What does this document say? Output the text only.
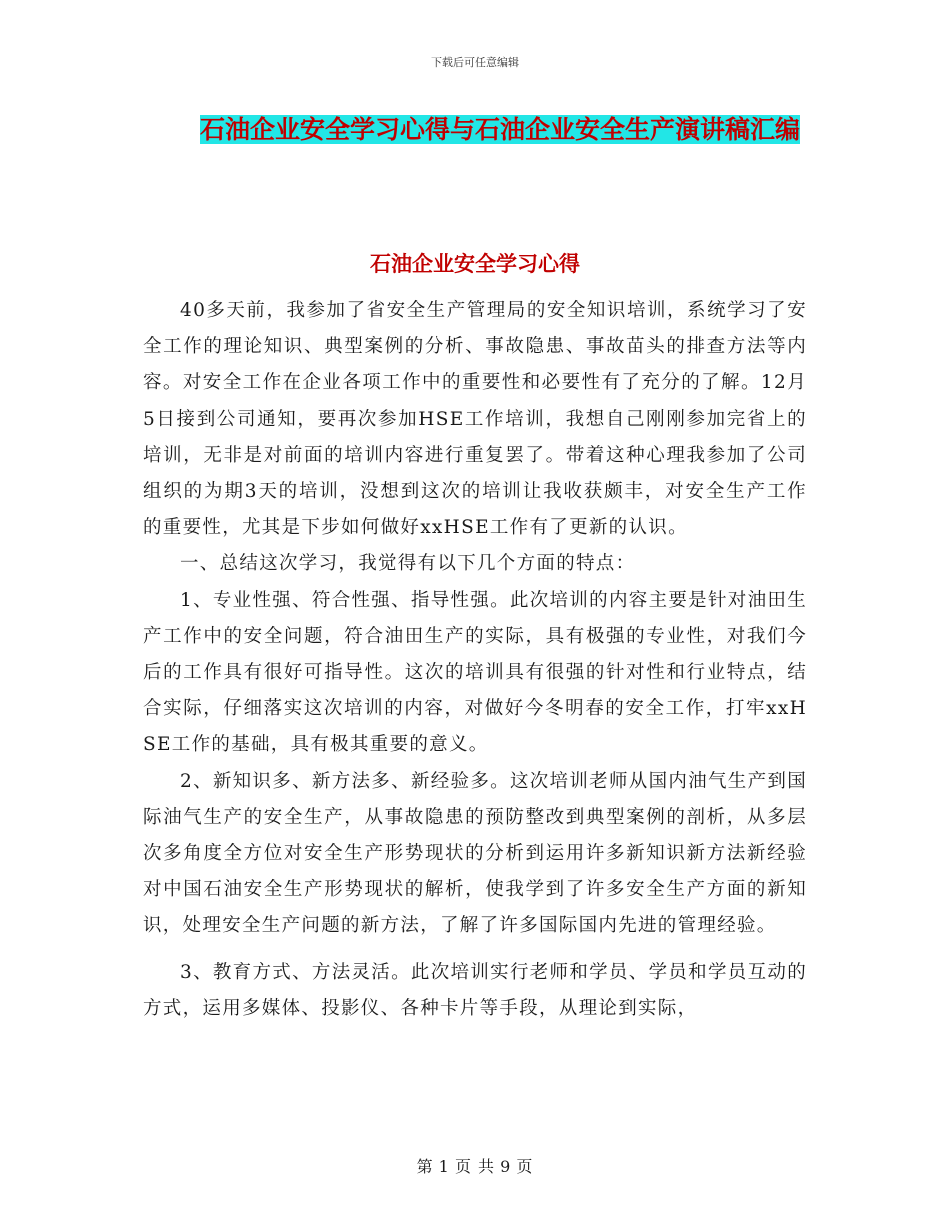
下载后可任意编辑
石油企业安全学习心得与石油企业安全生产演讲稿汇编
石油企业安全学习心得

40多天前，我参加了省安全生产管理局的安全知识培训，系统学习了安全工作的理论知识、典型案例的分析、事故隐患、事故苗头的排查方法等内容。对安全工作在企业各项工作中的重要性和必要性有了充分的了解。12月5日接到公司通知，要再次参加HSE工作培训，我想自己刚刚参加完省上的培训，无非是对前面的培训内容进行重复罢了。带着这种心理我参加了公司组织的为期3天的培训，没想到这次的培训让我收获颇丰，对安全生产工作的重要性，尤其是下步如何做好xxHSE工作有了更新的认识。

一、总结这次学习，我觉得有以下几个方面的特点：

1、专业性强、符合性强、指导性强。此次培训的内容主要是针对油田生产工作中的安全问题，符合油田生产的实际，具有极强的专业性，对我们今后的工作具有很好可指导性。这次的培训具有很强的针对性和行业特点，结合实际，仔细落实这次培训的内容，对做好今冬明春的安全工作，打牢xxHSE工作的基础，具有极其重要的意义。

2、新知识多、新方法多、新经验多。这次培训老师从国内油气生产到国际油气生产的安全生产，从事故隐患的预防整改到典型案例的剖析，从多层次多角度全方位对安全生产形势现状的分析到运用许多新知识新方法新经验对中国石油安全生产形势现状的解析，使我学到了许多安全生产方面的新知识，处理安全生产问题的新方法，了解了许多国际国内先进的管理经验。

3、教育方式、方法灵活。此次培训实行老师和学员、学员和学员互动的方式，运用多媒体、投影仪、各种卡片等手段，从理论到实际，

第 1 页 共 9 页
